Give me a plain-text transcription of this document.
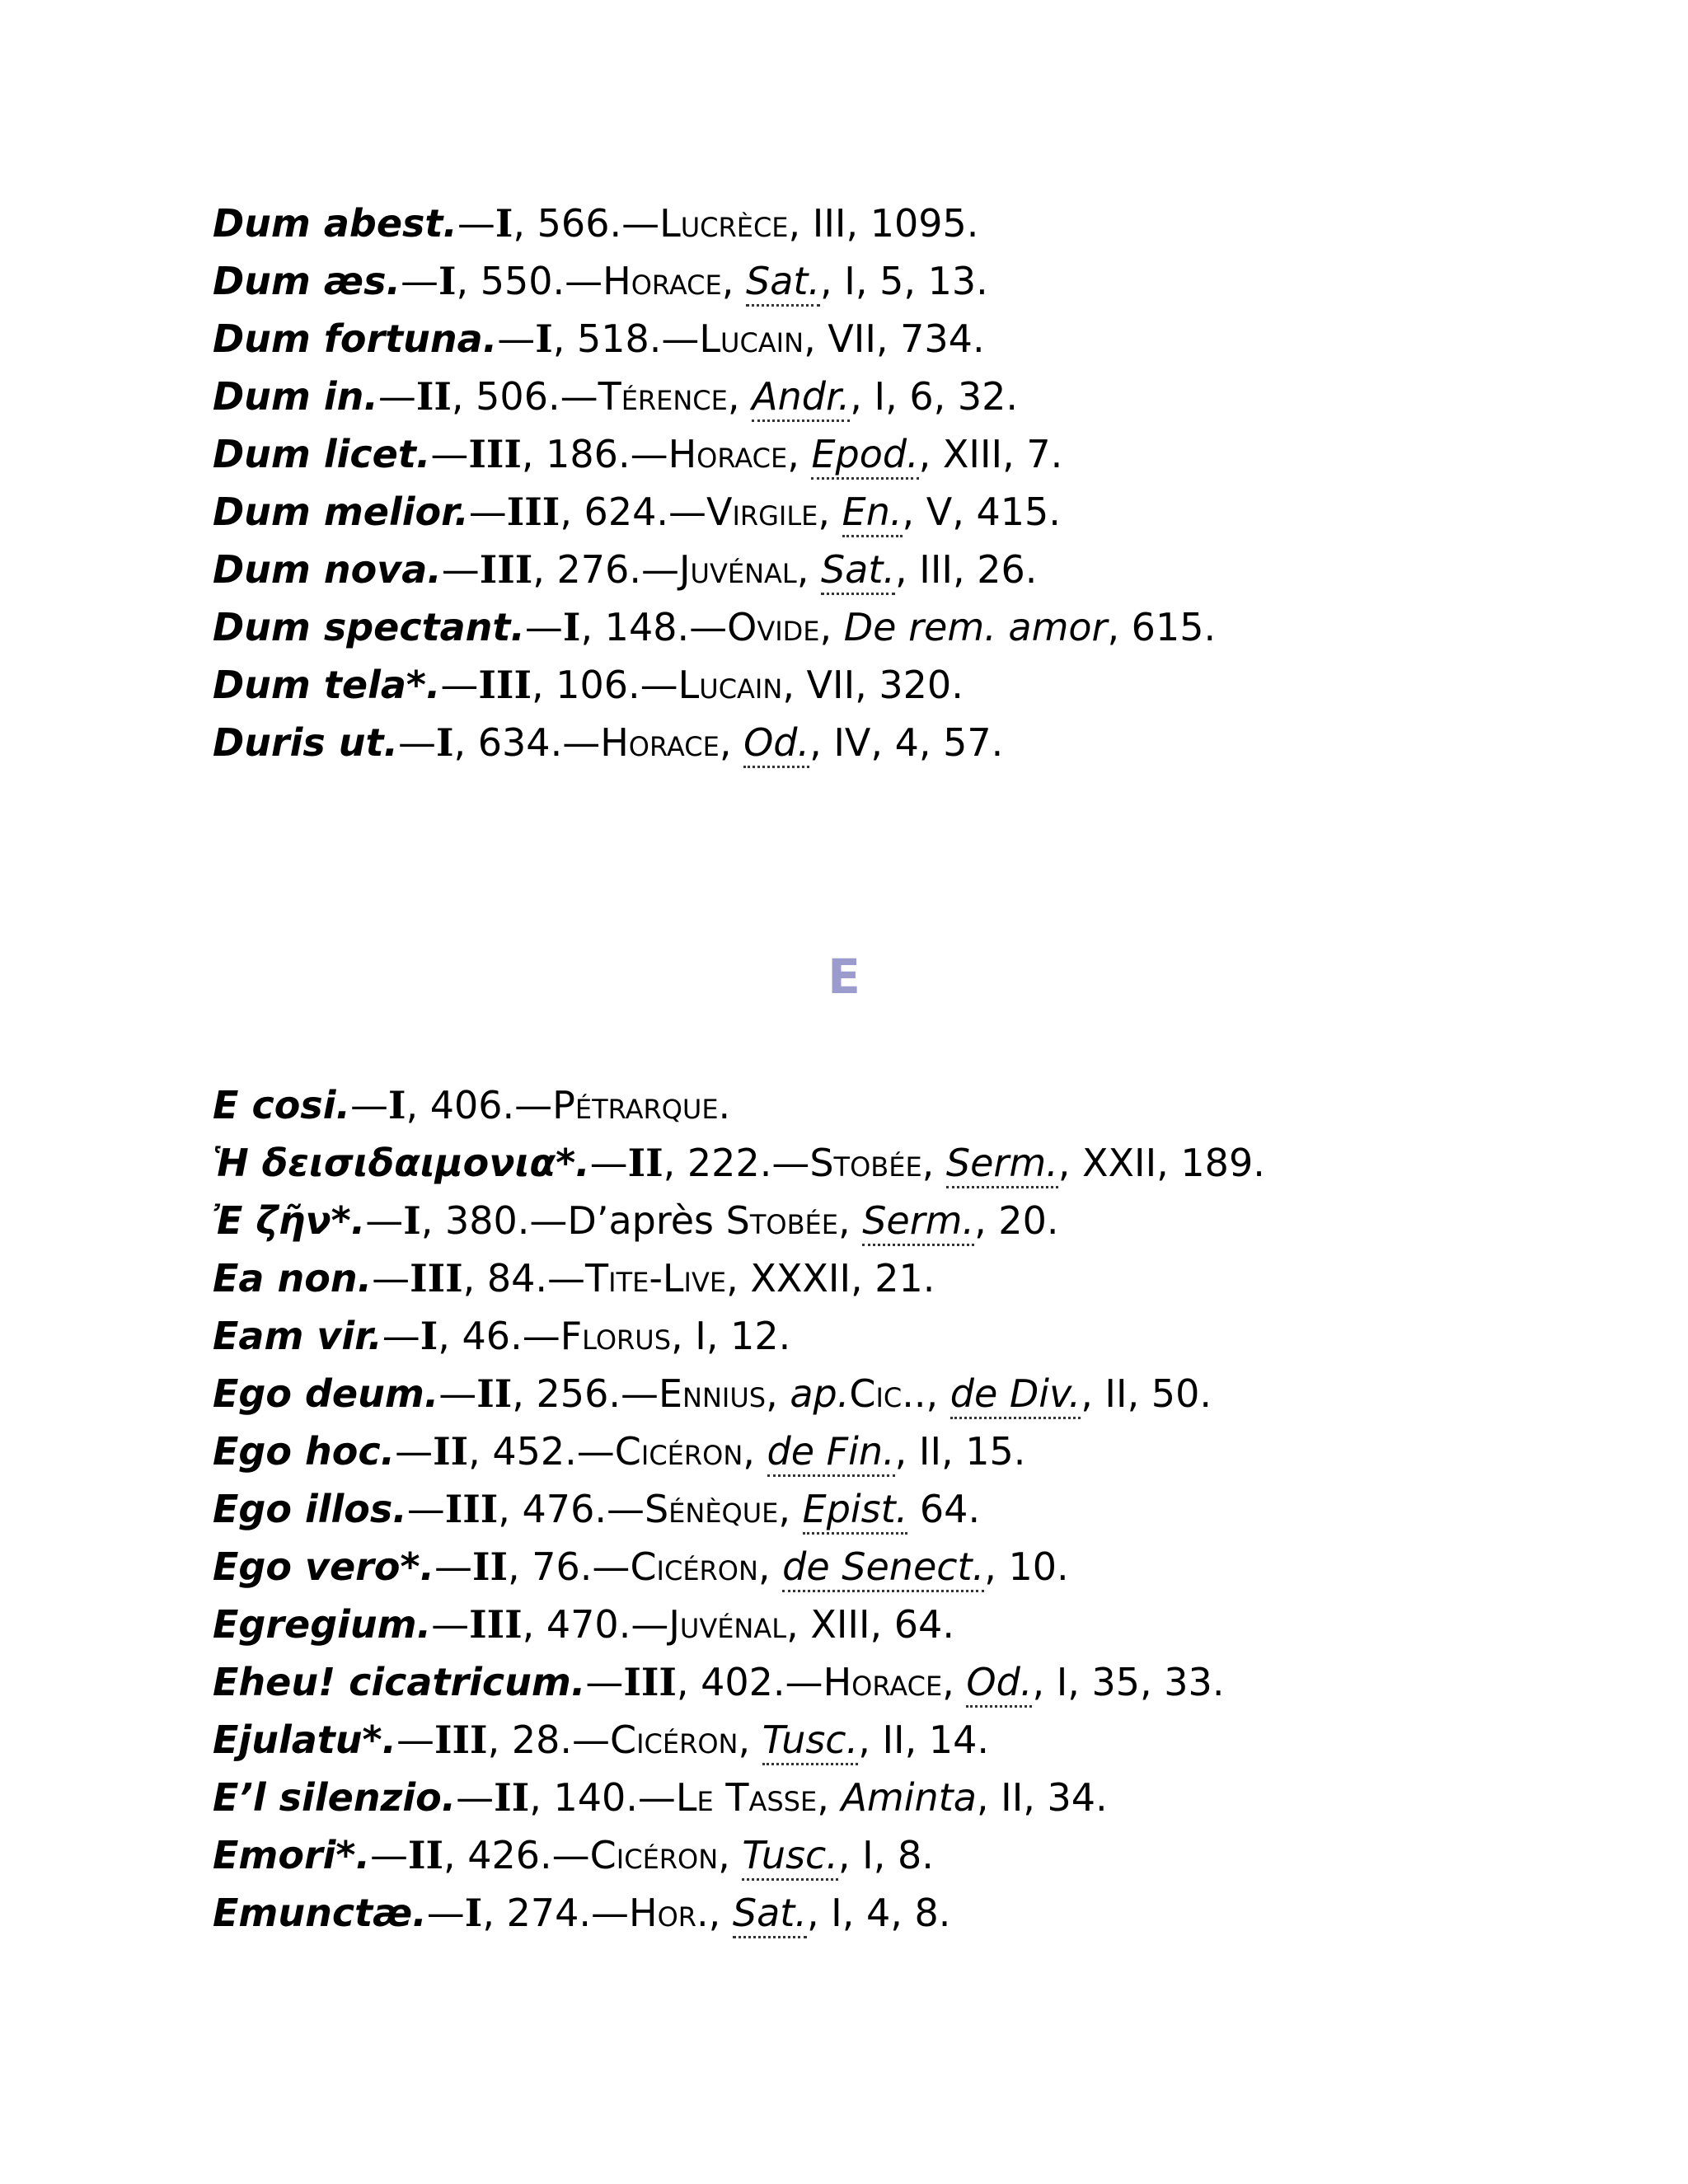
Dum abest.—I, 566.—Lucrèce, III, 1095.
Dum æs.—I, 550.—Horace, Sat., I, 5, 13.
Dum fortuna.—I, 518.—Lucain, VII, 734.
Dum in.—II, 506.—Térence, Andr., I, 6, 32.
Dum licet.—III, 186.—Horace, Epod., XIII, 7.
Dum melior.—III, 624.—Virgile, En., V, 415.
Dum nova.—III, 276.—Juvénal, Sat., III, 26.
Dum spectant.—I, 148.—Ovide, De rem. amor, 615.
Dum tela*.—III, 106.—Lucain, VII, 320.
Duris ut.—I, 634.—Horace, Od., IV, 4, 57.
E
E cosi.—I, 406.—Pétrarque.
Ἡ δεισιδαιμονια*.—II, 222.—Stobée, Serm., XXII, 189.
Ἐ ζῆν*.—I, 380.—D’après Stobée, Serm., 20.
Ea non.—III, 84.—Tite-Live, XXXII, 21.
Eam vir.—I, 46.—Florus, I, 12.
Ego deum.—II, 256.—Ennius, ap.Cic.., de Div., II, 50.
Ego hoc.—II, 452.—Cicéron, de Fin., II, 15.
Ego illos.—III, 476.—Sénèque, Epist. 64.
Ego vero*.—II, 76.—Cicéron, de Senect., 10.
Egregium.—III, 470.—Juvénal, XIII, 64.
Eheu! cicatricum.—III, 402.—Horace, Od., I, 35, 33.
Ejulatu*.—III, 28.—Cicéron, Tusc., II, 14.
E’l silenzio.—II, 140.—Le Tasse, Aminta, II, 34.
Emori*.—II, 426.—Cicéron, Tusc., I, 8.
Emunctæ.—I, 274.—Hor., Sat., I, 4, 8.
